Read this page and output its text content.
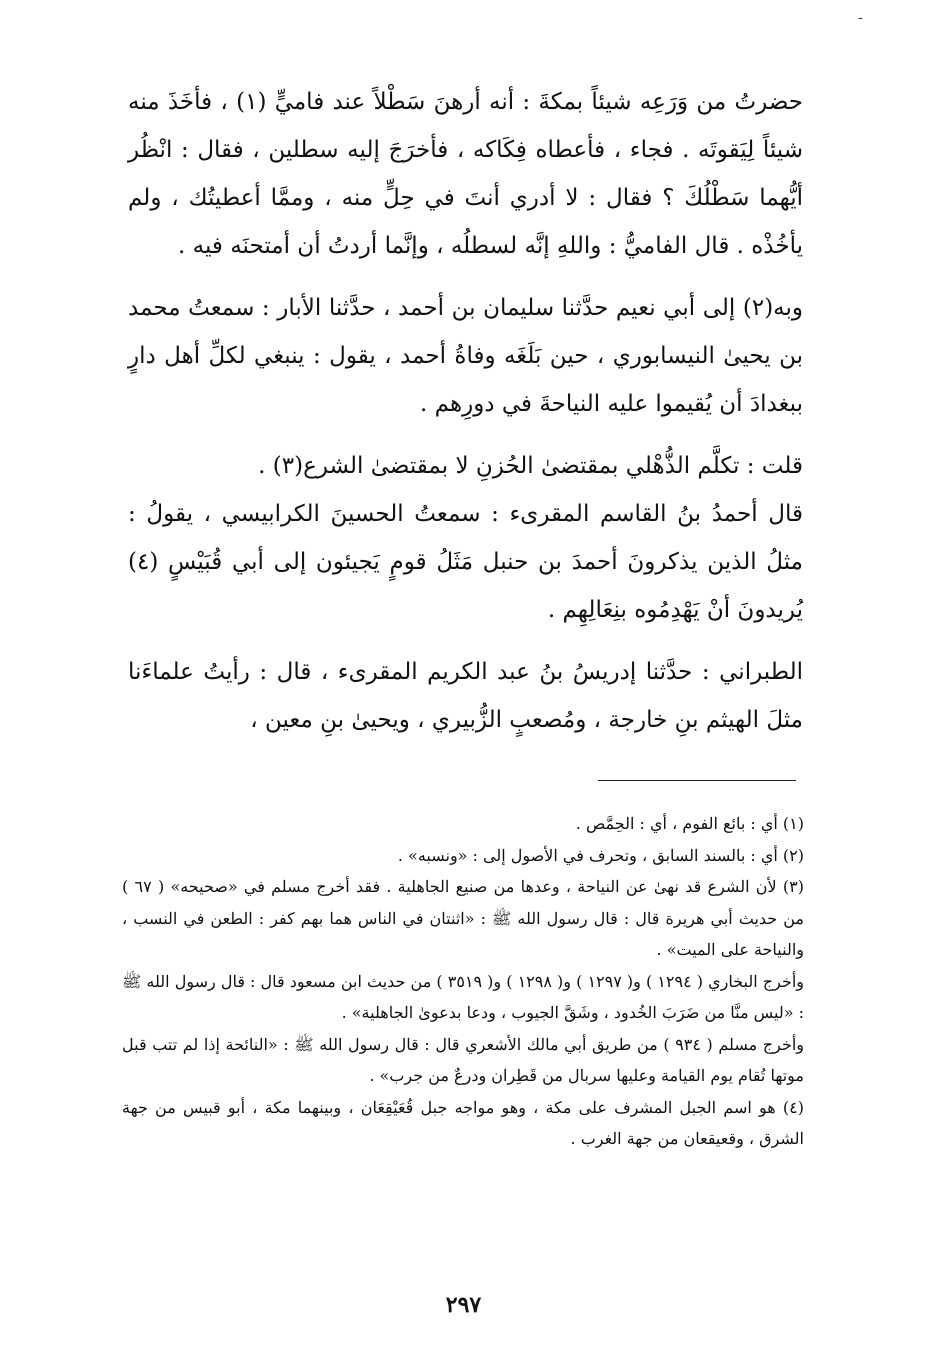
-

حضرتُ من وَرَعِه شيئاً بمكةَ : أنه أرهنَ سَطْلاً عند فاميٍّ (١) ، فأخَذَ منه شيئاً لِيَقوتَه . فجاء ، فأعطاه فِكَاكه ، فأخرَجَ إليه سطلين ، فقال : انْظُر أيُّهما سَطْلُكَ ؟ فقال : لا أدري أنتَ في حِلٍّ منه ، وممَّا أعطيتُك ، ولم يأخُذْه . قال الفاميُّ : واللهِ إنَّه لسطلُه ، وإنَّما أردتُ أن أمتحنَه فيه .

وبه(٢) إلى أبي نعيم حدَّثنا سليمان بن أحمد ، حدَّثنا الأبار : سمعتُ محمد بن يحيىٰ النيسابوري ، حين بَلَغَه وفاةُ أحمد ، يقول : ينبغي لكلِّ أهل دارٍ ببغدادَ أن يُقيموا عليه النياحةَ في دورِهم .

قلت : تكلَّم الذُّهْلي بمقتضىٰ الحُزنِ لا بمقتضىٰ الشرع(٣) .

قال أحمدُ بنُ القاسم المقرىء : سمعتُ الحسينَ الكرابيسي ، يقولُ : مثلُ الذين يذكرونَ أحمدَ بن حنبل مَثَلُ قومٍ يَجيئون إلى أبي قُبَيْسٍ (٤) يُريدونَ أنْ يَهْدِمُوه بنِعَالِهِم .

الطبراني : حدَّثنا إدريسُ بنُ عبد الكريم المقرىء ، قال : رأيتُ علماءَنا مثلَ الهيثم بنِ خارجة ، ومُصعبٍ الزُّبيري ، ويحيىٰ بنِ معين ،

(١) أي : بائع الفوم ، أي : الحِمَّص .

(٢) أي : بالسند السابق ، وتحرف في الأصول إلى : «ونسبه» .

(٣) لأن الشرع قد نهىٰ عن النياحة ، وعدها من صنيع الجاهلية . فقد أخرج مسلم في «صحيحه» ( ٦٧ ) من حديث أبي هريرة قال : قال رسول الله ﷺ : «اثنتان في الناس هما بهم كفر : الطعن في النسب ، والنياحة على الميت» .

وأخرج البخاري ( ١٢٩٤ ) و( ١٢٩٧ ) و( ١٢٩٨ ) و( ٣٥١٩ ) من حديث ابن مسعود قال : قال رسول الله ﷺ : «ليس منَّا من ضَرَبَ الخُدود ، وشَقَّ الجيوب ، ودعا بدعوىٰ الجاهلية» .

وأخرج مسلم ( ٩٣٤ ) من طريق أبي مالك الأشعري قال : قال رسول الله ﷺ : «النائحة إذا لم تتب قبل موتها تُقام يوم القيامة وعليها سربال من قَطِران ودرعٌ من جرب» .

(٤) هو اسم الجبل المشرف على مكة ، وهو مواجه جبل قُعَيْقِعَان ، وبينهما مكة ، أبو قبيس من جهة الشرق ، وقعيقعان من جهة الغرب .

٢٩٧
